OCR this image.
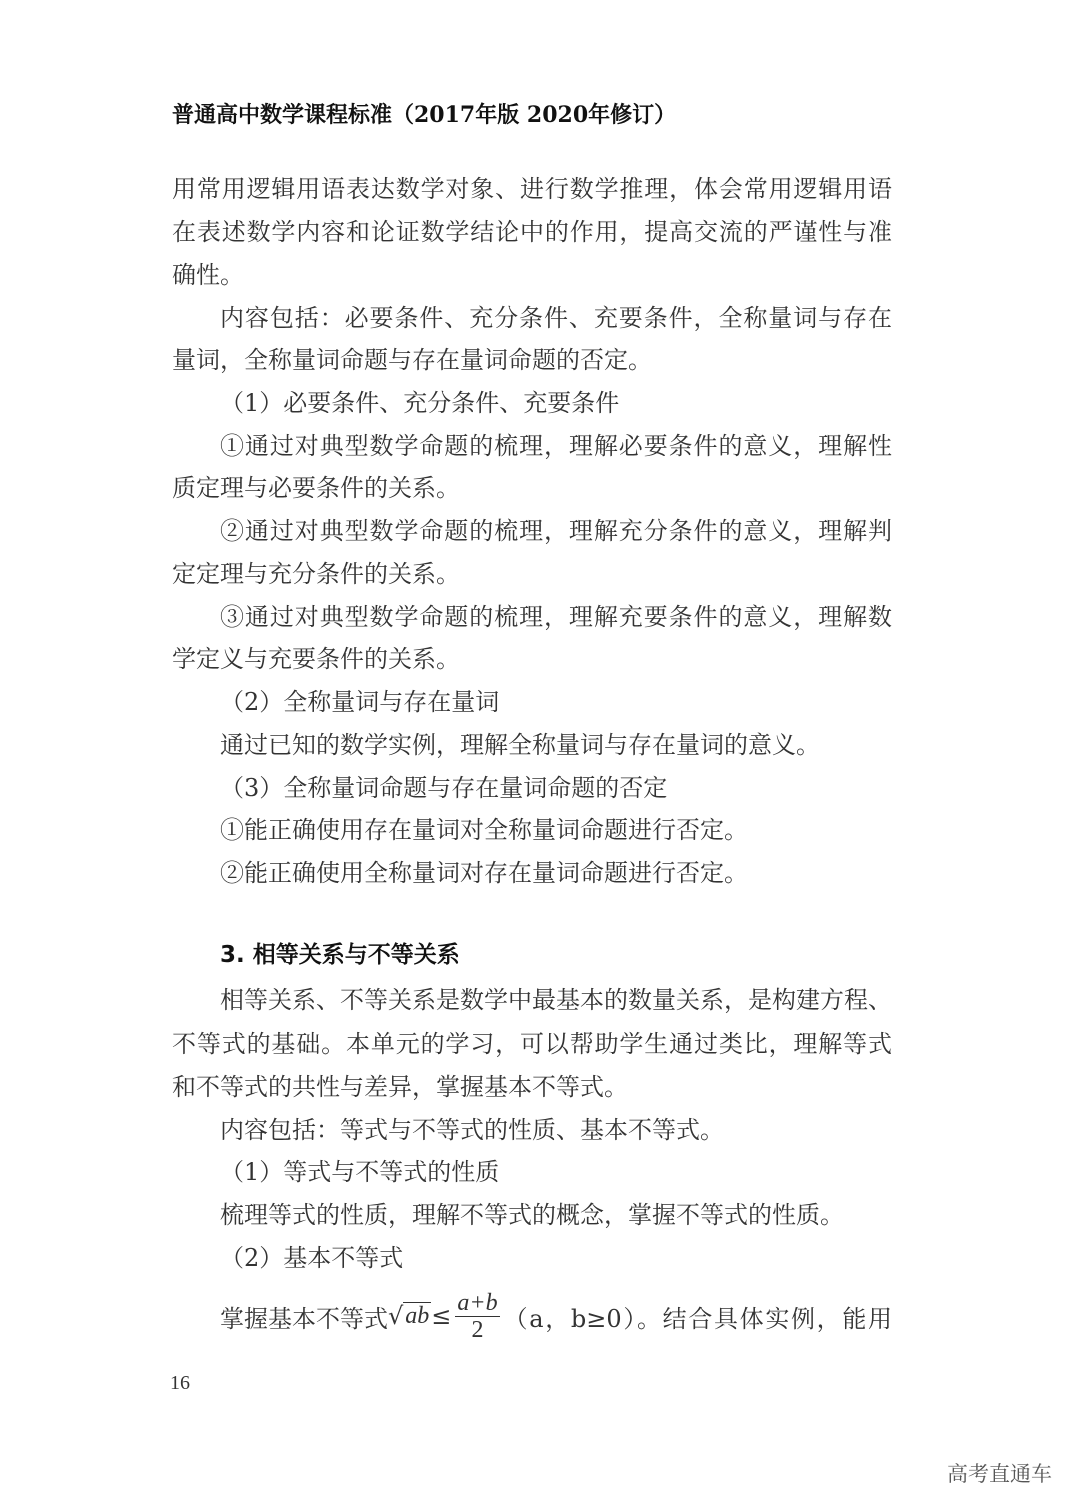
普通高中数学课程标准（2017年版 2020年修订）
用常用逻辑用语表达数学对象、进行数学推理，体会常用逻辑用语
在表述数学内容和论证数学结论中的作用，提高交流的严谨性与准
确性。
内容包括：必要条件、充分条件、充要条件，全称量词与存在
量词，全称量词命题与存在量词命题的否定。
（1）必要条件、充分条件、充要条件
①通过对典型数学命题的梳理，理解必要条件的意义，理解性
质定理与必要条件的关系。
②通过对典型数学命题的梳理，理解充分条件的意义，理解判
定定理与充分条件的关系。
③通过对典型数学命题的梳理，理解充要条件的意义，理解数
学定义与充要条件的关系。
（2）全称量词与存在量词
通过已知的数学实例，理解全称量词与存在量词的意义。
（3）全称量词命题与存在量词命题的否定
①能正确使用存在量词对全称量词命题进行否定。
②能正确使用全称量词对存在量词命题进行否定。
3. 相等关系与不等关系
相等关系、不等关系是数学中最基本的数量关系，是构建方程、
不等式的基础。本单元的学习，可以帮助学生通过类比，理解等式
和不等式的共性与差异，掌握基本不等式。
内容包括：等式与不等式的性质、基本不等式。
（1）等式与不等式的性质
梳理等式的性质，理解不等式的概念，掌握不等式的性质。
（2）基本不等式
掌握基本不等式 √ ab ≤ $\frac{a+b}{2} (a$，b≥0）。结合具体实例，能用
16
高考直通车
